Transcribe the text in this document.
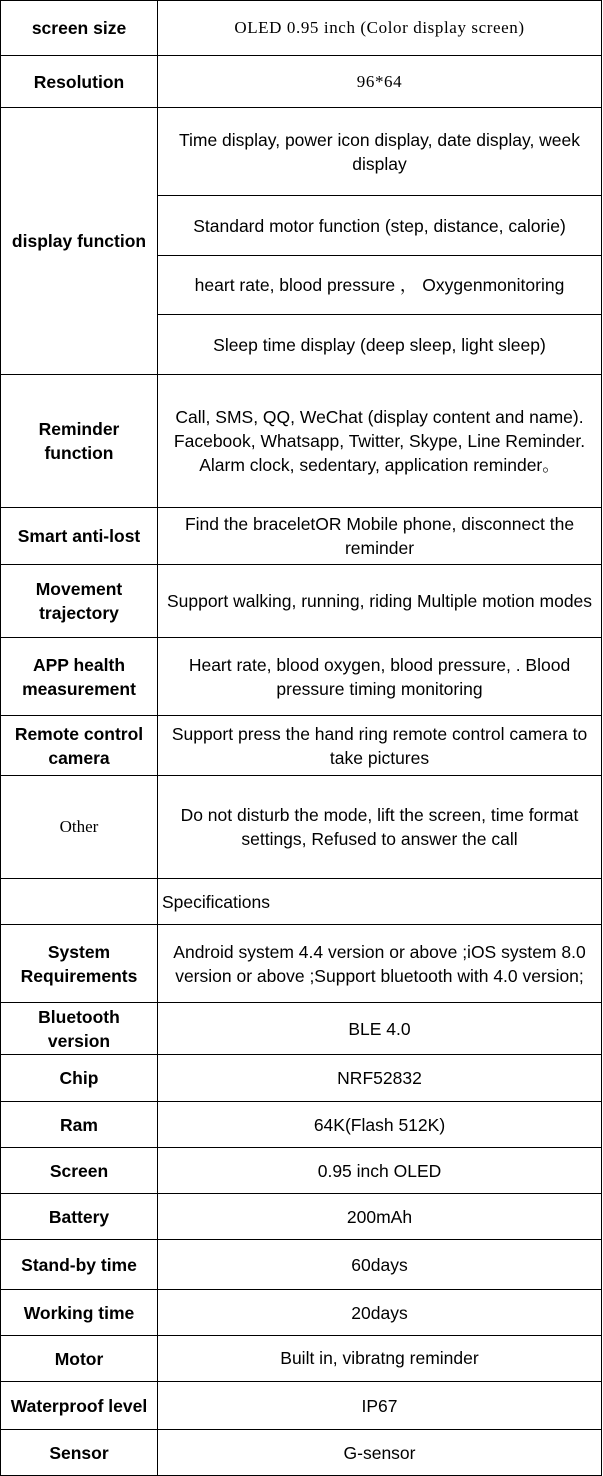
screen size	OLED 0.95 inch (Color display screen)
Resolution	96*64
display function	Time display, power icon display, date display, week display
	Standard motor function (step, distance, calorie)
	heart rate, blood pressure ， Oxygenmonitoring
	Sleep time display (deep sleep, light sleep)
Reminder function	Call, SMS, QQ, WeChat (display content and name). Facebook, Whatsapp, Twitter, Skype, Line Reminder.
Alarm clock, sedentary, application reminder。

Smart anti-lost	Find the braceletOR Mobile phone, disconnect the reminder
Movement trajectory	Support walking, running, riding Multiple motion modes
APP health measurement	Heart rate, blood oxygen, blood pressure, . Blood pressure timing monitoring
Remote control camera	Support press the hand ring remote control camera to take pictures
Other	Do not disturb the mode, lift the screen, time format settings, Refused to answer the call
	Specifications
System Requirements	Android system 4.4 version or above ;iOS system 8.0 version or above ;Support bluetooth with 4.0 version;
Bluetooth version	BLE 4.0
Chip	NRF52832
Ram	64K(Flash 512K)
Screen	0.95 inch OLED
Battery	200mAh
Stand-by time	60days
Working time	20days
Motor	Built in, vibratng reminder
Waterproof level	IP67
Sensor	G-sensor
